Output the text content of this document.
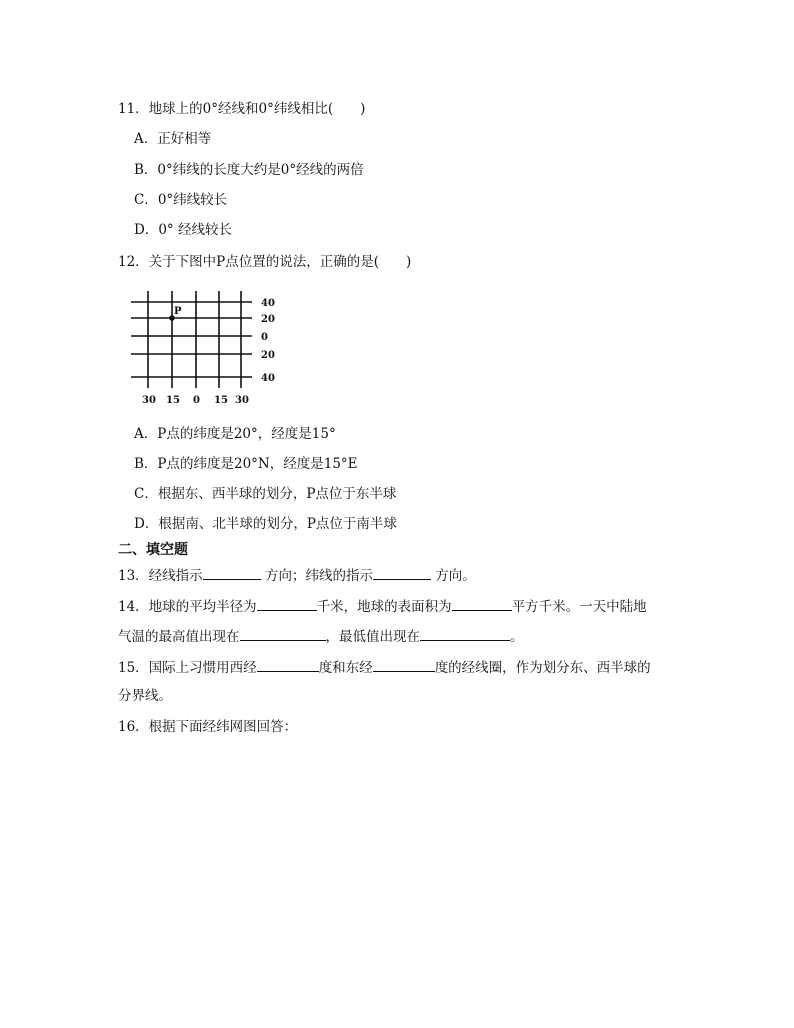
11．地球上的0°经线和0°纬线相比(　　)
A．正好相等
B．0°纬线的长度大约是0°经线的两倍
C．0°纬线较长
D．0° 经线较长
12．关于下图中P点位置的说法，正确的是(　　)
P
40
20
0
20
40
30 15 0 15 30
A．P点的纬度是20°，经度是15°
B．P点的纬度是20°N，经度是15°E
C．根据东、西半球的划分，P点位于东半球
D．根据南、北半球的划分，P点位于南半球
二、填空题
13．经线指示	方向；纬线的指示	方向。
14．地球的平均半径为	千米，地球的表面积为	平方千米。一天中陆地
气温的最高值出现在	，最低值出现在	。
15．国际上习惯用西经	度和东经	度的经线圈，作为划分东、西半球的
分界线。
16．根据下面经纬网图回答：
